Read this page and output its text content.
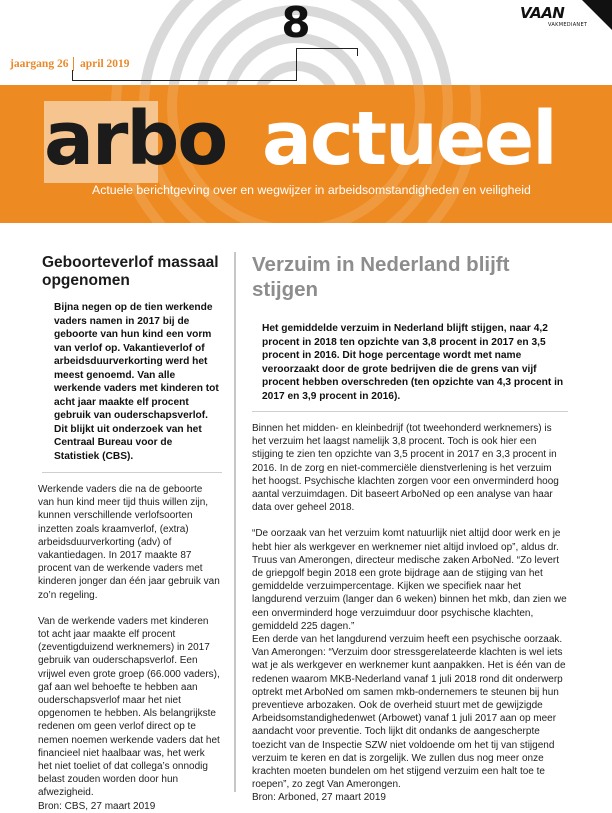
8
jaargang 26 april 2019
VAAN
VAKMEDIANET
arbo actueel
Actuele berichtgeving over en wegwijzer in arbeidsomstandigheden en veiligheid
Geboorteverlof massaal opgenomen

Bijna negen op de tien werkende vaders namen in 2017 bij de geboorte van hun kind een vorm van verlof op. Vakantieverlof of arbeidsduurverkorting werd het meest genoemd. Van alle werkende vaders met kinderen tot acht jaar maakte elf procent gebruik van ouderschapsverlof. Dit blijkt uit onderzoek van het Centraal Bureau voor de Statistiek (CBS).

Werkende vaders die na de geboorte van hun kind meer tijd thuis willen zijn, kunnen verschillende verlofsoorten inzetten zoals kraamverlof, (extra) arbeidsduurverkorting (adv) of vakantiedagen. In 2017 maakte 87 procent van de werkende vaders met kinderen jonger dan één jaar gebruik van zo’n regeling.

Van de werkende vaders met kinderen tot acht jaar maakte elf procent (zeventigduizend werknemers) in 2017 gebruik van ouderschapsverlof. Een vrijwel even grote groep (66.000 vaders), gaf aan wel behoefte te hebben aan ouderschapsverlof maar het niet opgenomen te hebben. Als belangrijkste redenen om geen verlof direct op te nemen noemen werkende vaders dat het financieel niet haalbaar was, het werk het niet toeliet of dat collega’s onnodig belast zouden worden door hun afwezigheid.

Bron: CBS, 27 maart 2019

Verzuim in Nederland blijft stijgen

Het gemiddelde verzuim in Nederland blijft stijgen, naar 4,2 procent in 2018 ten opzichte van 3,8 procent in 2017 en 3,5 procent in 2016. Dit hoge percentage wordt met name veroorzaakt door de grote bedrijven die de grens van vijf procent hebben overschreden (ten opzichte van 4,3 procent in 2017 en 3,9 procent in 2016).

Binnen het midden- en kleinbedrijf (tot tweehonderd werknemers) is het verzuim het laagst namelijk 3,8 procent. Toch is ook hier een stijging te zien ten opzichte van 3,5 procent in 2017 en 3,3 procent in 2016. In de zorg en niet-commerciële dienstverlening is het verzuim het hoogst. Psychische klachten zorgen voor een onverminderd hoog aantal verzuimdagen. Dit baseert ArboNed op een analyse van haar data over geheel 2018.

“De oorzaak van het verzuim komt natuurlijk niet altijd door werk en je hebt hier als werkgever en werknemer niet altijd invloed op”, aldus dr. Truus van Amerongen, directeur medische zaken ArboNed. “Zo levert de griepgolf begin 2018 een grote bijdrage aan de stijging van het gemiddelde verzuimpercentage. Kijken we specifiek naar het langdurend verzuim (langer dan 6 weken) binnen het mkb, dan zien we een onverminderd hoge verzuimduur door psychische klachten, gemiddeld 225 dagen.”

Een derde van het langdurend verzuim heeft een psychische oorzaak. Van Amerongen: “Verzuim door stressgerelateerde klachten is wel iets wat je als werkgever en werknemer kunt aanpakken. Het is één van de redenen waarom MKB-Nederland vanaf 1 juli 2018 rond dit onderwerp optrekt met ArboNed om samen mkb-ondernemers te steunen bij hun preventieve arbozaken. Ook de overheid stuurt met de gewijzigde Arbeidsomstandighedenwet (Arbowet) vanaf 1 juli 2017 aan op meer aandacht voor preventie. Toch lijkt dit ondanks de aangescherpte toezicht van de Inspectie SZW niet voldoende om het tij van stijgend verzuim te keren en dat is zorgelijk. We zullen dus nog meer onze krachten moeten bundelen om het stijgend verzuim een halt toe te roepen”, zo zegt Van Amerongen.

Bron: Arboned, 27 maart 2019
